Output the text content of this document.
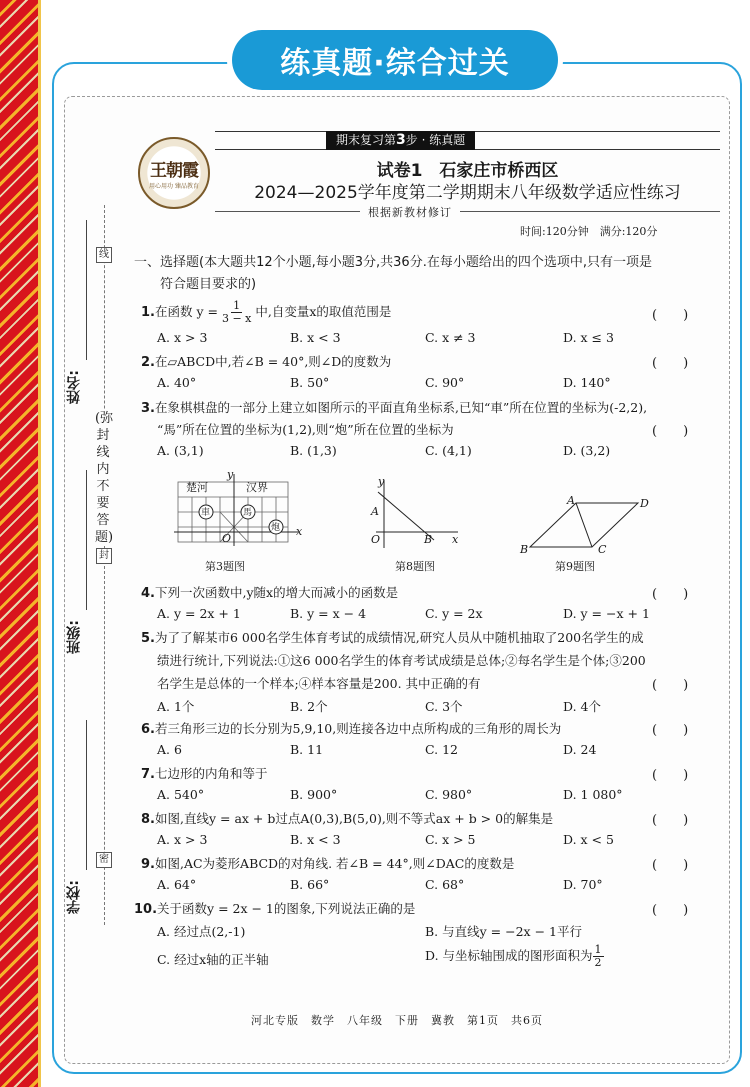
练真题·综合过关
线
封
密
(弥封线内不要答题)
姓名:
班级:
学校:
王朝霞
用心用功 臻品教育
期末复习第3步 · 练真题
试卷1　石家庄市桥西区
2024—2025学年度第二学期期末八年级数学适应性练习
根据新教材修订
时间:120分钟　满分:120分
一、选择题(本大题共12个小题,每小题3分,共36分.在每小题给出的四个选项中,只有一项是
符合题目要求的)
1.在函数 $y = \frac{1}{3 - x}$ 中,自变量x的取值范围是	(　　)
A. x > 3	B. x < 3	C. x ≠ 3	D. x ≤ 3
2.在▱ABCD中,若∠B = 40°,则∠D的度数为	(　　)
A. 40°	B. 50°	C. 90°	D. 140°
3.在象棋棋盘的一部分上建立如图所示的平面直角坐标系,已知“車”所在位置的坐标为(-2,2),
“馬”所在位置的坐标为(1,2),则“炮”所在位置的坐标为	(　　)
A. (3,1)	B. (1,3)	C. (4,1)	D. (3,2)
楚河	汉界
車	馬
炮
y
x
O
第3题图
y
x
O
A
B
第8题图
A
B	C
D
第9题图
4.下列一次函数中,y随x的增大而减小的函数是	(　　)
A. y = 2x + 1	B. y = x − 4	C. y = 2x	D. y = −x + 1
5.为了了解某市6 000名学生体育考试的成绩情况,研究人员从中随机抽取了200名学生的成
绩进行统计,下列说法:①这6 000名学生的体育考试成绩是总体;②每名学生是个体;③200
名学生是总体的一个样本;④样本容量是200. 其中正确的有	(　　)
A. 1个	B. 2个	C. 3个	D. 4个
6.若三角形三边的长分别为5,9,10,则连接各边中点所构成的三角形的周长为	(　　)
A. 6	B. 11	C. 12	D. 24
7.七边形的内角和等于	(　　)
A. 540°	B. 900°	C. 980°	D. 1 080°
8.如图,直线y = ax + b过点A(0,3),B(5,0),则不等式ax + b > 0的解集是	(　　)
A. x > 3	B. x < 3	C. x > 5	D. x < 5
9.如图,AC为菱形ABCD的对角线. 若∠B = 44°,则∠DAC的度数是	(　　)
A. 64°	B. 66°	C. 68°	D. 70°
10.关于函数y = 2x − 1的图象,下列说法正确的是	(　　)
A. 经过点(2,-1)	B. 与直线y = −2x − 1平行
C. 经过x轴的正半轴	D. 与坐标轴围成的图形面积为 $\frac{1}{2}$
河北专版　数学　八年级　下册　冀教　第1页　共6页
